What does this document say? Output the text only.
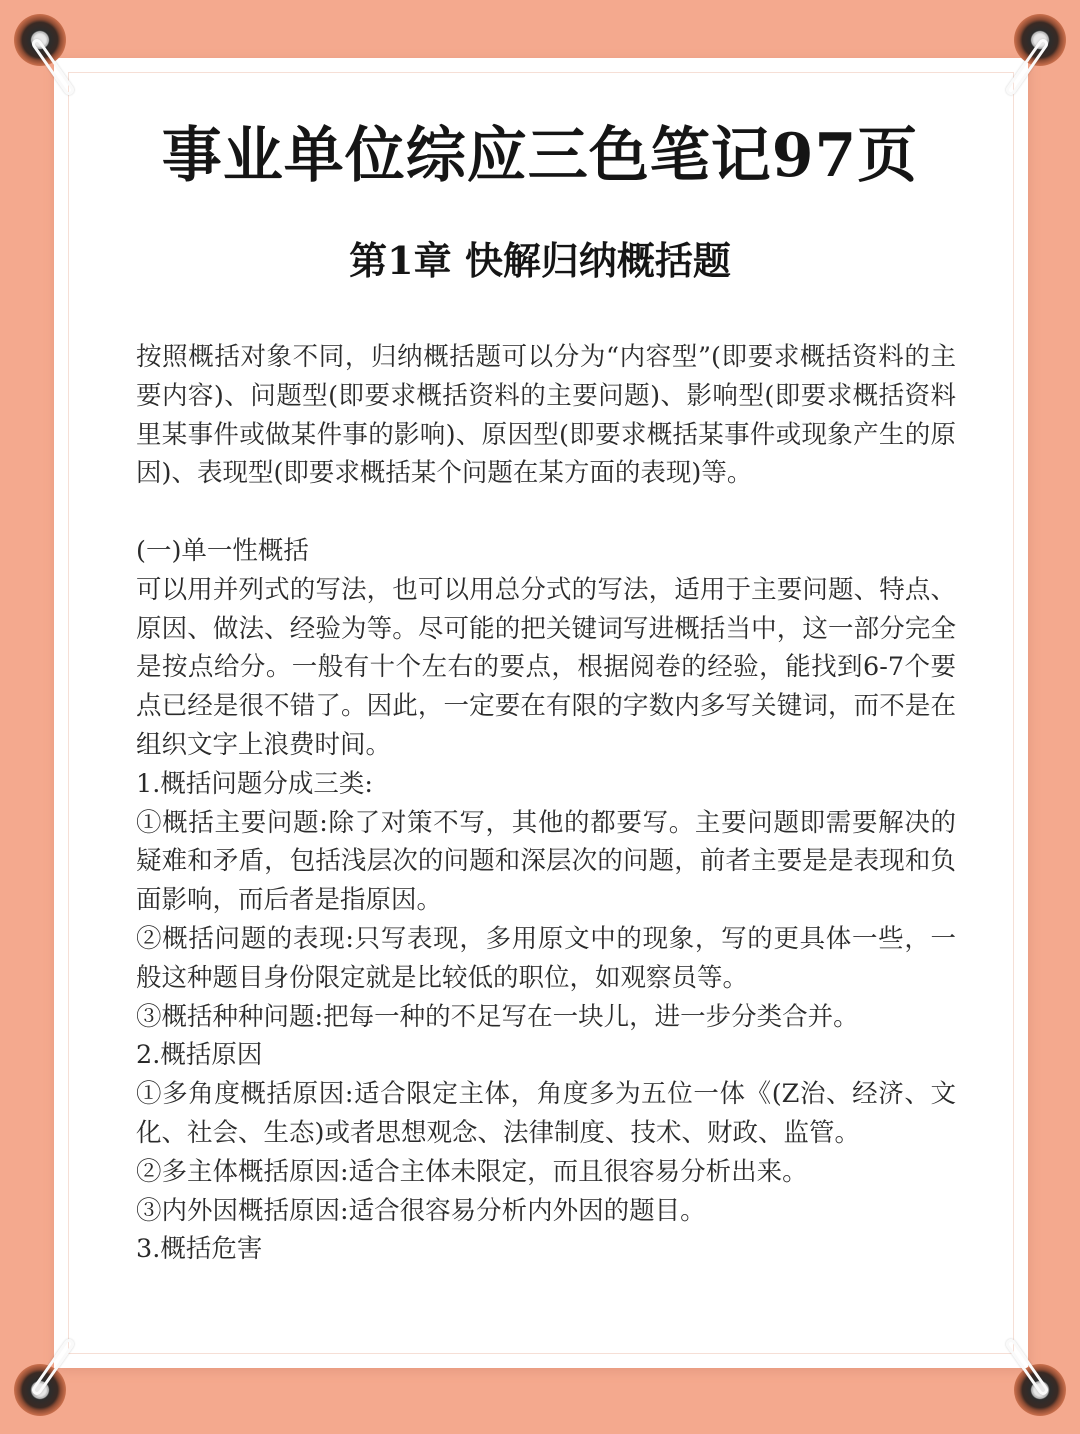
事业单位综应三色笔记97页
第1章 快解归纳概括题

按照概括对象不同，归纳概括题可以分为“内容型”(即要求概括资料的主要内容)、问题型(即要求概括资料的主要问题)、影响型(即要求概括资料里某事件或做某件事的影响)、原因型(即要求概括某事件或现象产生的原因)、表现型(即要求概括某个问题在某方面的表现)等。

(一)单一性概括

可以用并列式的写法，也可以用总分式的写法，适用于主要问题、特点、原因、做法、经验为等。尽可能的把关键词写进概括当中，这一部分完全是按点给分。一般有十个左右的要点，根据阅卷的经验，能找到6-7个要点已经是很不错了。因此，一定要在有限的字数内多写关键词，而不是在组织文字上浪费时间。

1.概括问题分成三类:

①概括主要问题:除了对策不写，其他的都要写。主要问题即需要解决的疑难和矛盾，包括浅层次的问题和深层次的问题，前者主要是是表现和负面影响，而后者是指原因。

②概括问题的表现:只写表现，多用原文中的现象，写的更具体一些，一般这种题目身份限定就是比较低的职位，如观察员等。

③概括种种问题:把每一种的不足写在一块儿，进一步分类合并。

2.概括原因

①多角度概括原因:适合限定主体，角度多为五位一体《(Z治、经济、文化、社会、生态)或者思想观念、法律制度、技术、财政、监管。

②多主体概括原因:适合主体未限定，而且很容易分析出来。

③内外因概括原因:适合很容易分析内外因的题目。

3.概括危害
